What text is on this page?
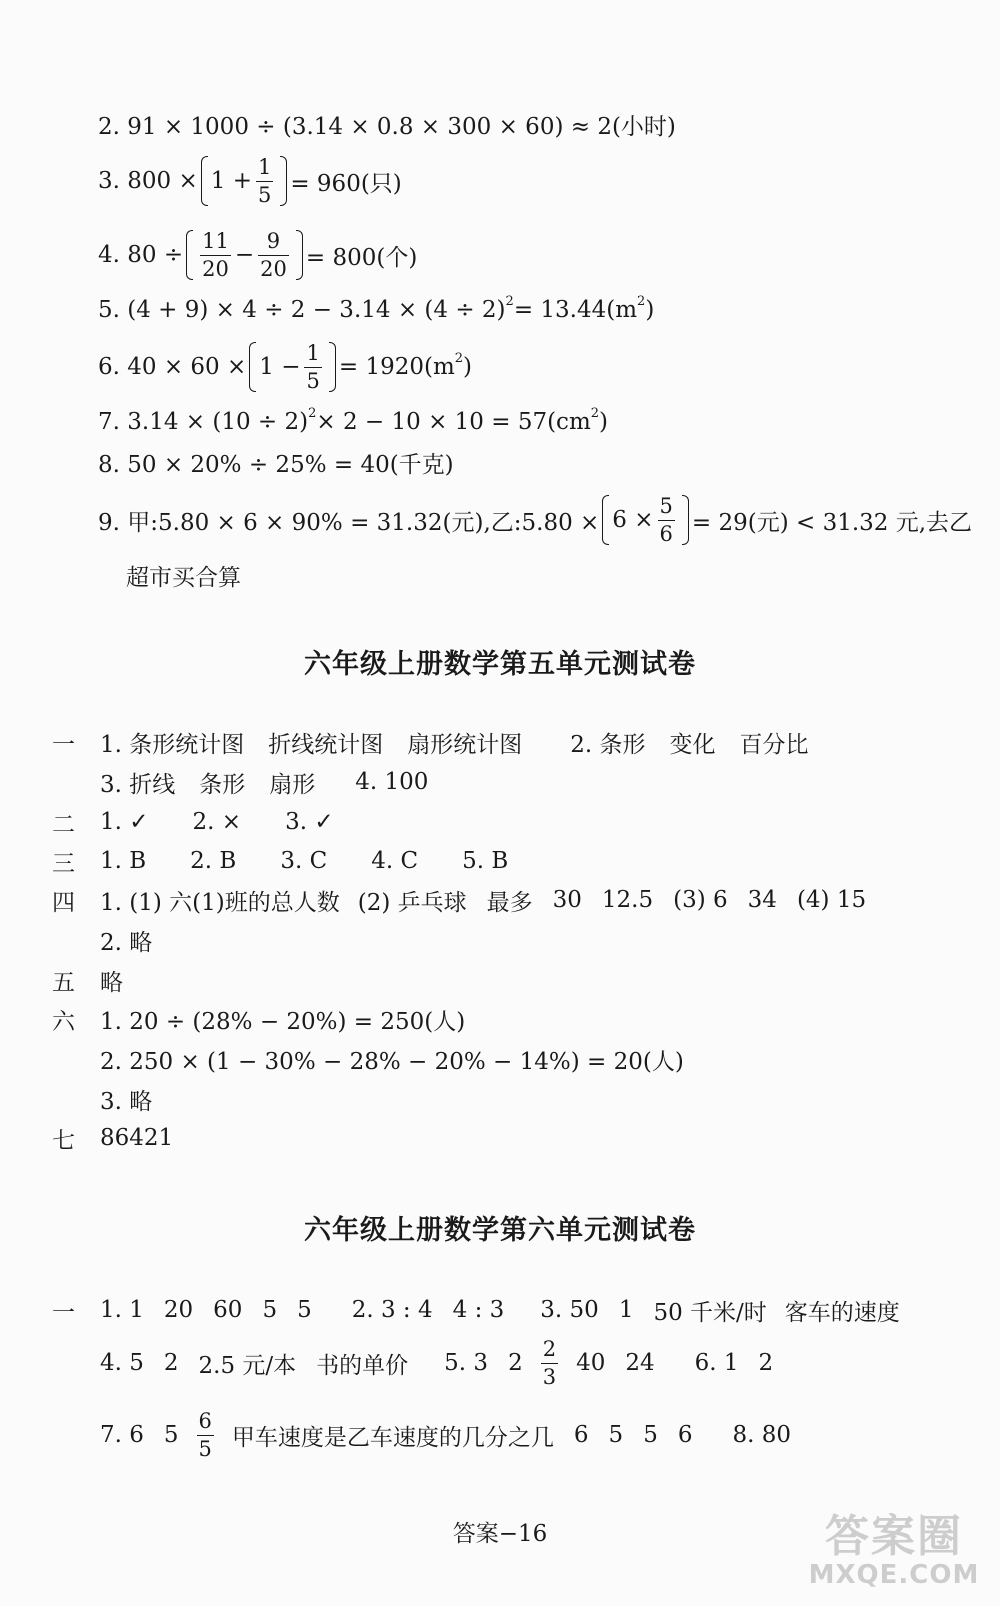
2. 91 × 1000 ÷ (3.14 × 0.8 × 300 × 60) ≈ 2(小时)
3. $800 \times 1 + \frac{1}{5} = 960$(只)
4. $80 \div \frac{11}{20} - \frac{9}{20} = 800$(个)
5. (4 + 9) × 4 ÷ 2 − 3.14 × (4 ÷ 2) 2 = 13.44(m 2 )
6. $40 \times 60 \times 1 - \frac{1}{5} = 1920(m$ 2 )
7. 3.14 × (10 ÷ 2) 2 × 2 − 10 × 10 = 57(cm 2 )
8. 50 × 20% ÷ 25% = 40(千克)
9. 甲:5.80 × 6 × 90% = 31.32(元),乙:5.80 × $6 \times \frac{5}{6} = 29$(元) < 31.32 元,去乙
超市买合算
六年级上册数学第五单元测试卷
一	1. 条形统计图 折线统计图 扇形统计图 2. 条形 变化 百分比
3. 折线 条形 扇形 4. 100
二	1. ✓ 2. × 3. ✓
三	1. B 2. B 3. C 4. C 5. B
四	1. (1) 六(1)班的总人数 (2) 乒乓球 最多 30 12.5 (3) 6 34 (4) 15
2. 略
五	略
六	1. 20 ÷ (28% − 20%) = 250(人)
2. 250 × (1 − 30% − 28% − 20% − 14%) = 20(人)
3. 略
七	86421
六年级上册数学第六单元测试卷
一	1. 1 20 60 5 5 2. 3 : 4 4 : 3 3. 50 1 50 千米/时 客车的速度
4. 5 2 2.5 元/本 书的单价 5. 3 $2 \frac{2}{3} 40$ 24 6. 1 2
7. 6 $5 \frac{6}{5}$ 甲车速度是乙车速度的几分之几 6 5 5 6 8. 80
答案−16	答案圈
MXQE.COM
